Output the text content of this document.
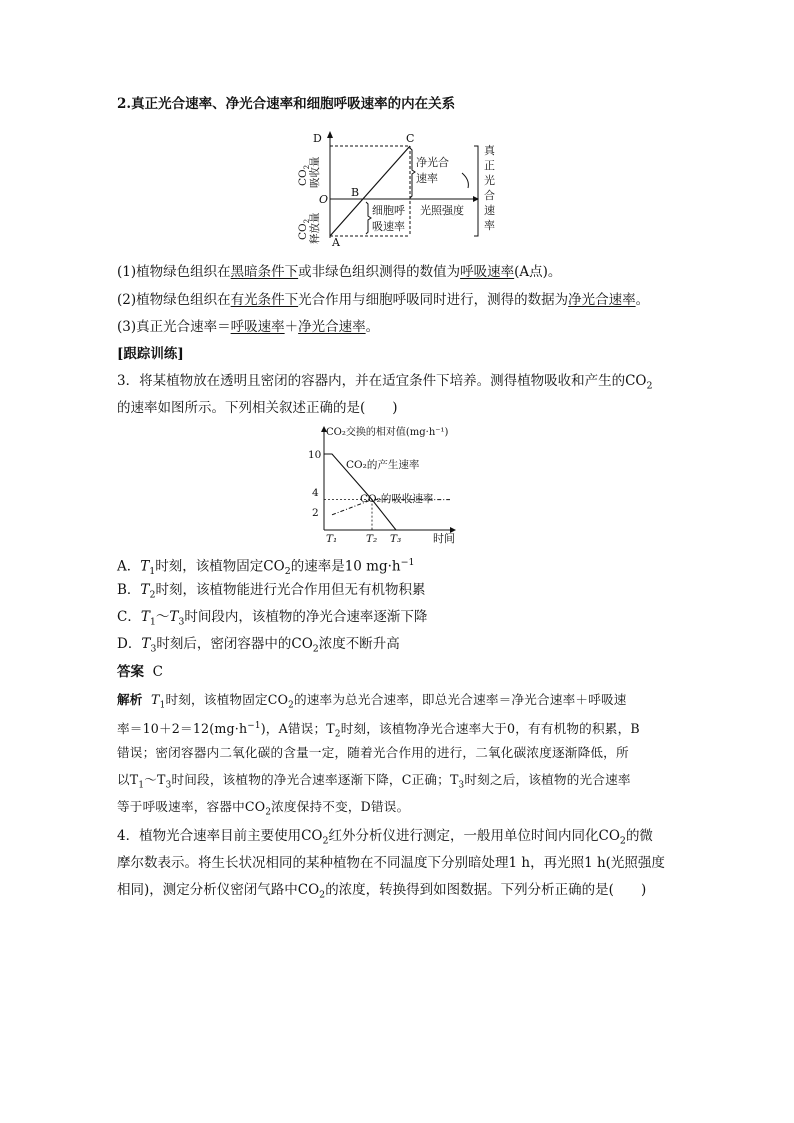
2.真正光合速率、净光合速率和细胞呼吸速率的内在关系
D	C
B
O
A
$CO_2$
吸收量
$CO_2$
释放量
净光合
速率
细胞呼
吸速率
光照强度
真
正
光
合
速
率
(1)植物绿色组织在黑暗条件下或非绿色组织测得的数值为呼吸速率(A点)。
(2)植物绿色组织在有光条件下光合作用与细胞呼吸同时进行，测得的数据为净光合速率。
(3)真正光合速率＝呼吸速率＋净光合速率。
[跟踪训练]
3．将某植物放在透明且密闭的容器内，并在适宜条件下培养。测得植物吸收和产生的$CO_2$
的速率如图所示。下列相关叙述正确的是(　　)
CO₂交换的相对值(mg·h⁻¹)
时间
10
4
2
T₁	T₂ T₃
CO₂的产生速率
CO₂的吸收速率
A．$T_1$时刻，该植物固定$CO_2$的速率是10 $mg\cdot h^{-1}$
B．$T_2$时刻，该植物能进行光合作用但无有机物积累
C．$T_1\sim T_3$时间段内，该植物的净光合速率逐渐下降
D．$T_3$时刻后，密闭容器中的$CO_2$浓度不断升高
答案 C
解析 $T_1$时刻，该植物固定$CO_2$的速率为总光合速率，即总光合速率＝净光合速率＋呼吸速
率$=10+2=12(mg\cdot h^{-1})$，A错误；$T_2$时刻，该植物净光合速率大于0，有有机物的积累，B
错误；密闭容器内二氧化碳的含量一定，随着光合作用的进行，二氧化碳浓度逐渐降低，所
以$T_1\sim T_3$时间段，该植物的净光合速率逐渐下降，C正确；$T_3$时刻之后，该植物的光合速率
等于呼吸速率，容器中$CO_2$浓度保持不变，D错误。
4．植物光合速率目前主要使用$CO_2$红外分析仪进行测定，一般用单位时间内同化$CO_2$的微
摩尔数表示。将生长状况相同的某种植物在不同温度下分别暗处理1 h，再光照1 h(光照强度
相同)，测定分析仪密闭气路中$CO_2$的浓度，转换得到如图数据。下列分析正确的是(　　)
